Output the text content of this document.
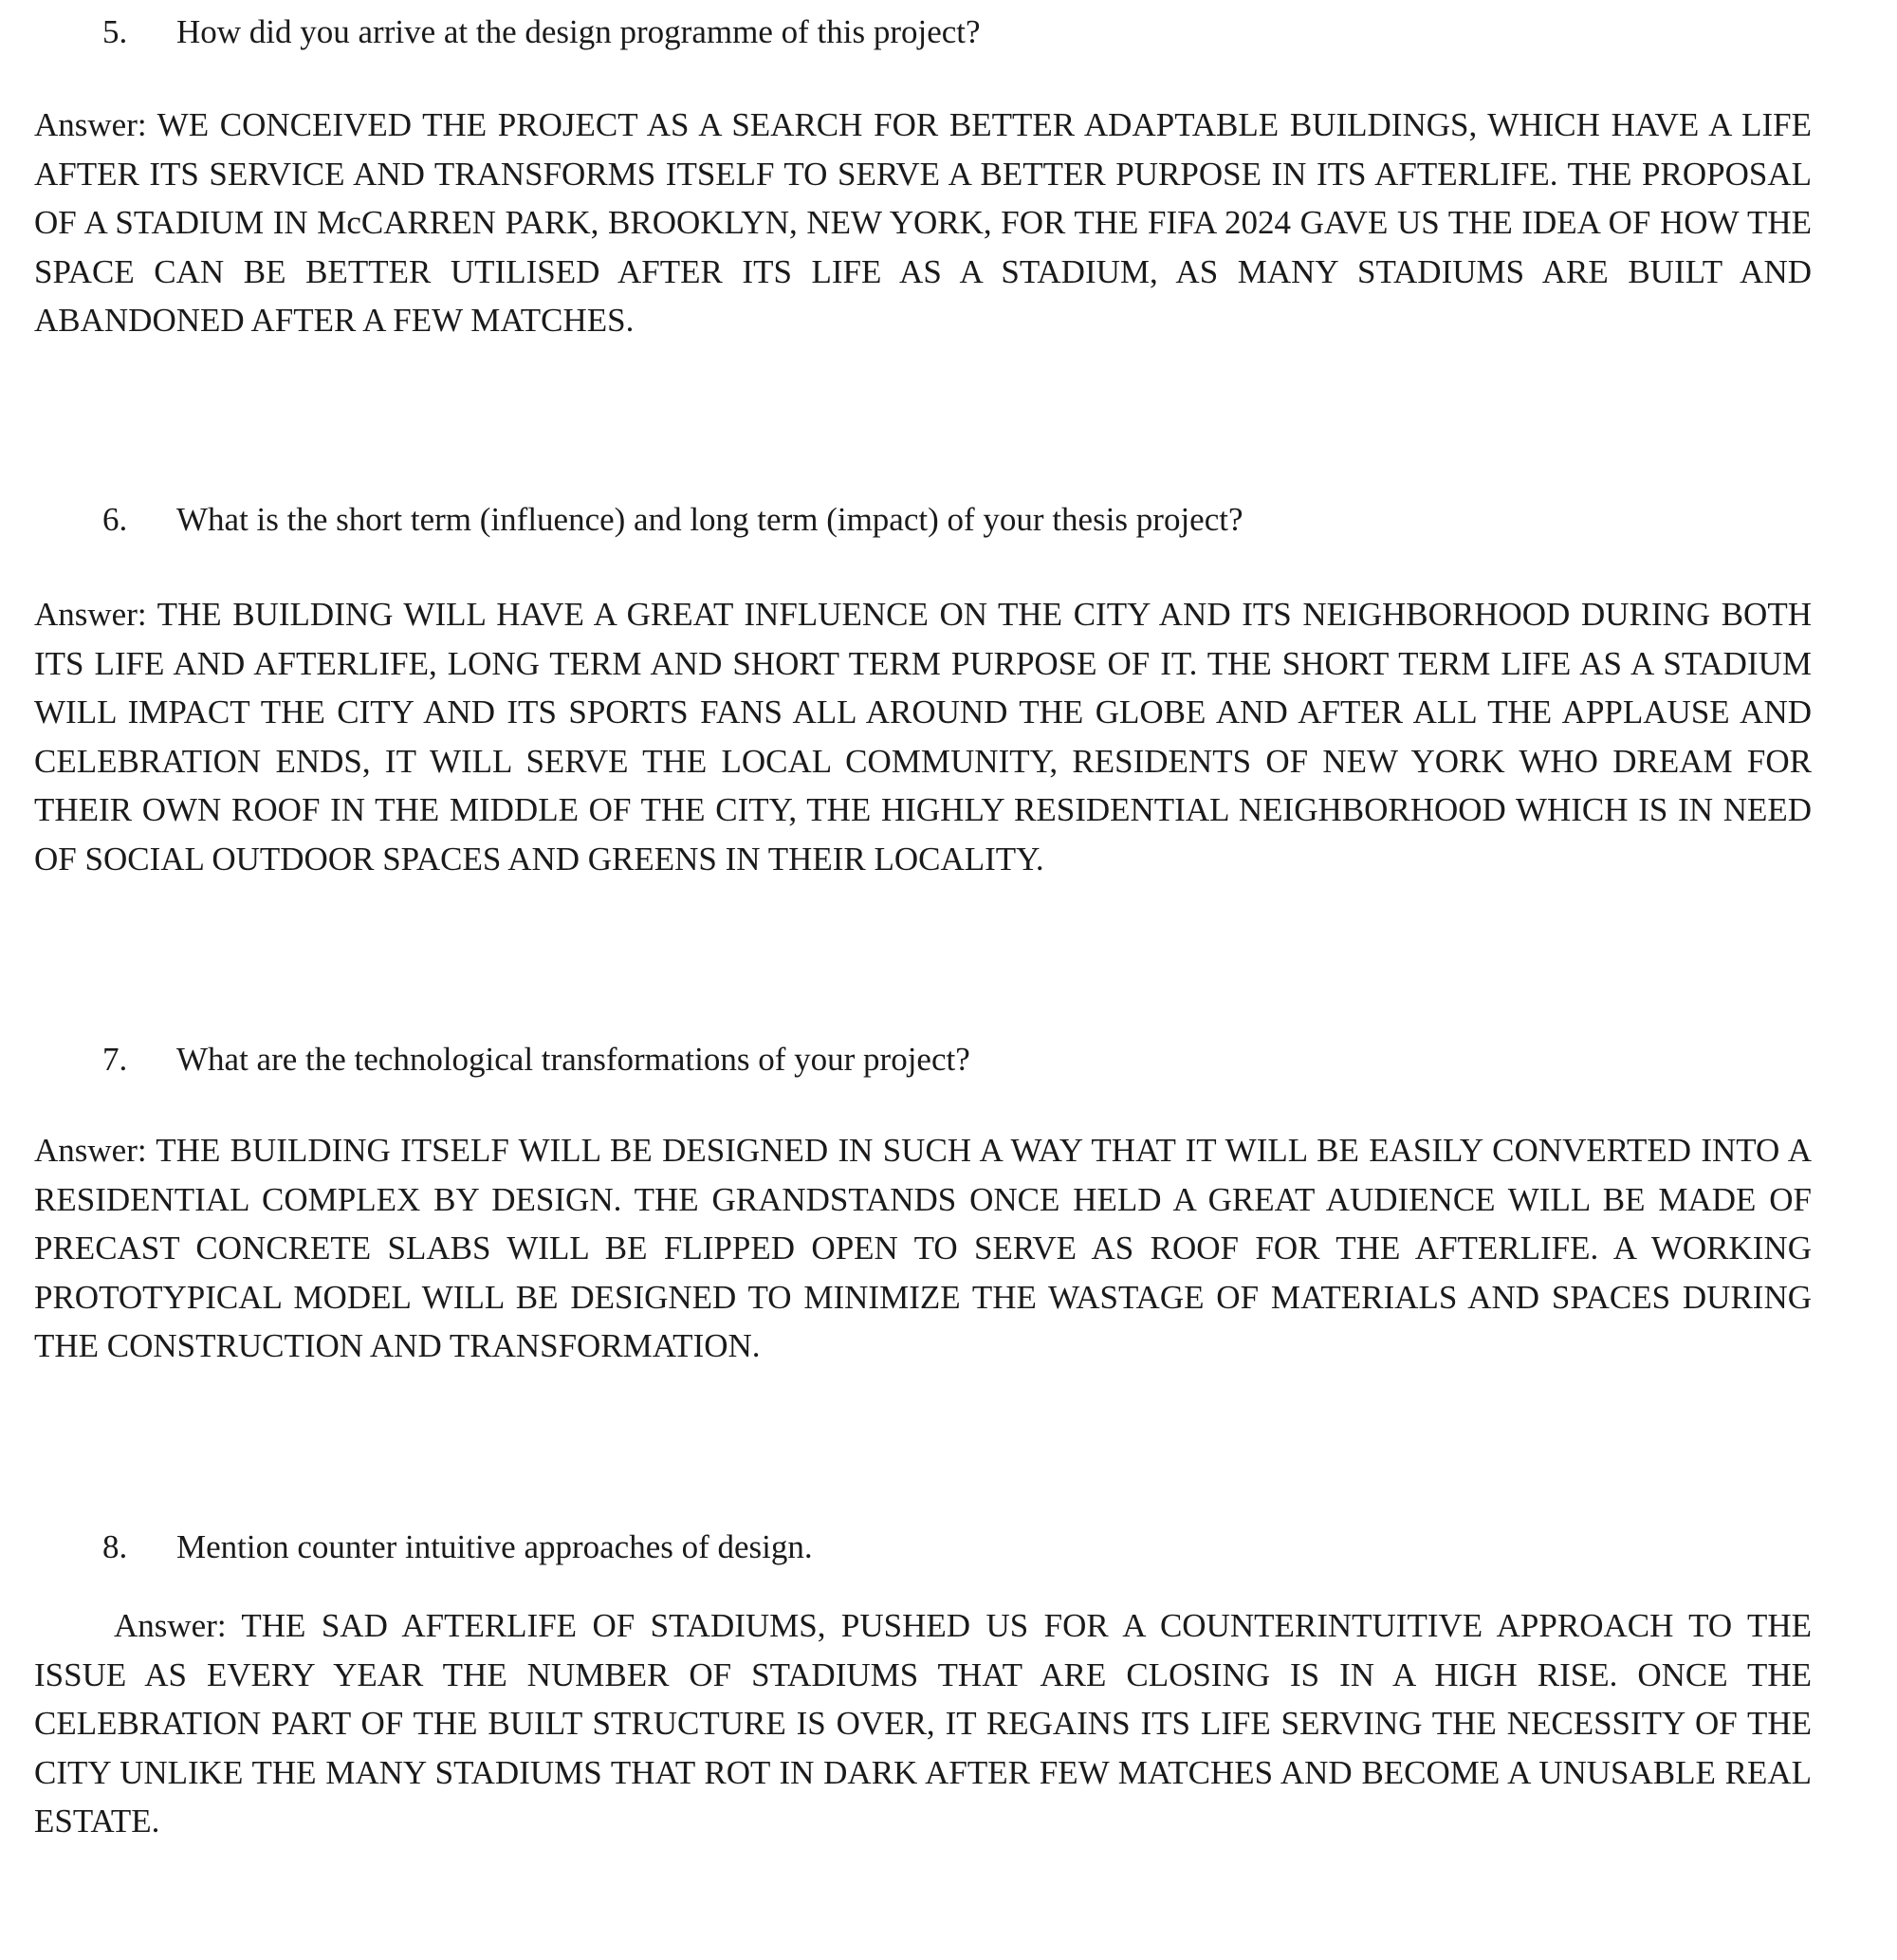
5. How did you arrive at the design programme of this project?
Answer: WE CONCEIVED THE PROJECT AS A SEARCH FOR BETTER ADAPTABLE BUILDINGS, WHICH HAVE A LIFE AFTER ITS SERVICE AND TRANSFORMS ITSELF TO SERVE A BETTER PURPOSE IN ITS AFTERLIFE. THE PROPOSAL OF A STADIUM IN McCARREN PARK, BROOKLYN, NEW YORK, FOR THE FIFA 2024 GAVE US THE IDEA OF HOW THE SPACE CAN BE BETTER UTILISED AFTER ITS LIFE AS A STADIUM, AS MANY STADIUMS ARE BUILT AND ABANDONED AFTER A FEW MATCHES.
6. What is the short term (influence) and long term (impact) of your thesis project?
Answer: THE BUILDING WILL HAVE A GREAT INFLUENCE ON THE CITY AND ITS NEIGHBORHOOD DURING BOTH ITS LIFE AND AFTERLIFE, LONG TERM AND SHORT TERM PURPOSE OF IT. THE SHORT TERM LIFE AS A STADIUM WILL IMPACT THE CITY AND ITS SPORTS FANS ALL AROUND THE GLOBE AND AFTER ALL THE APPLAUSE AND CELEBRATION ENDS, IT WILL SERVE THE LOCAL COMMUNITY, RESIDENTS OF NEW YORK WHO DREAM FOR THEIR OWN ROOF IN THE MIDDLE OF THE CITY, THE HIGHLY RESIDENTIAL NEIGHBORHOOD WHICH IS IN NEED OF SOCIAL OUTDOOR SPACES AND GREENS IN THEIR LOCALITY.
7. What are the technological transformations of your project?
Answer: THE BUILDING ITSELF WILL BE DESIGNED IN SUCH A WAY THAT IT WILL BE EASILY CONVERTED INTO A RESIDENTIAL COMPLEX BY DESIGN. THE GRANDSTANDS ONCE HELD A GREAT AUDIENCE WILL BE MADE OF PRECAST CONCRETE SLABS WILL BE FLIPPED OPEN TO SERVE AS ROOF FOR THE AFTERLIFE. A WORKING PROTOTYPICAL MODEL WILL BE DESIGNED TO MINIMIZE THE WASTAGE OF MATERIALS AND SPACES DURING THE CONSTRUCTION AND TRANSFORMATION.
8. Mention counter intuitive approaches of design.
Answer: THE SAD AFTERLIFE OF STADIUMS, PUSHED US FOR A COUNTERINTUITIVE APPROACH TO THE ISSUE AS EVERY YEAR THE NUMBER OF STADIUMS THAT ARE CLOSING IS IN A HIGH RISE. ONCE THE CELEBRATION PART OF THE BUILT STRUCTURE IS OVER, IT REGAINS ITS LIFE SERVING THE NECESSITY OF THE CITY UNLIKE THE MANY STADIUMS THAT ROT IN DARK AFTER FEW MATCHES AND BECOME A UNUSABLE REAL ESTATE.
